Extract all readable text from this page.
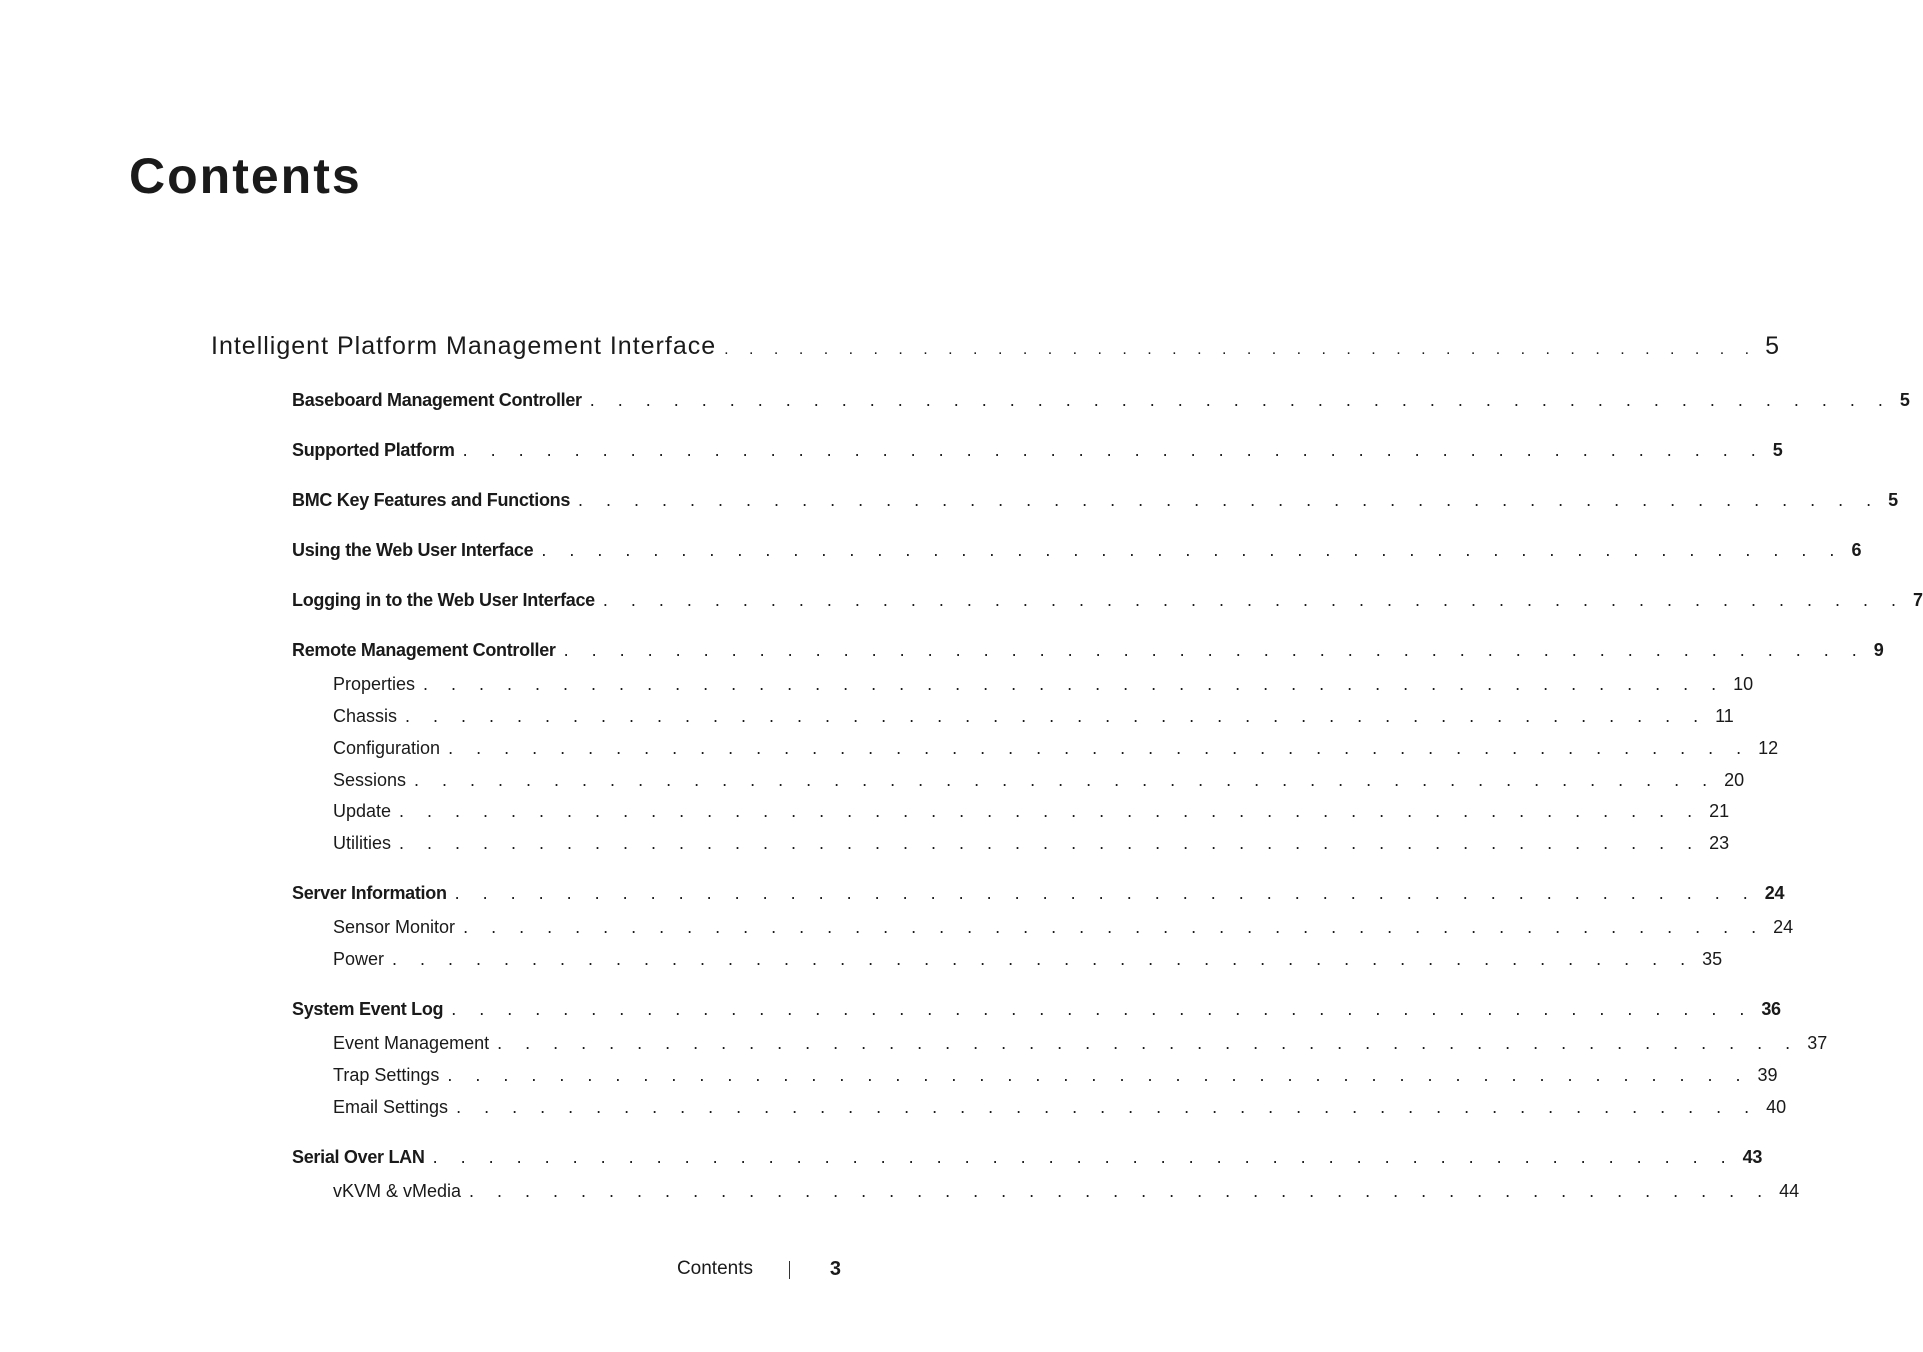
Contents
Intelligent Platform Management Interface . . . . . . . . . . . . . . . . . . . . . . . . . . . . . . . . . . . . . . . . . . 5
Baseboard Management Controller . . . . . . . . . . . . . . . . . . . . . . . . . . . . . . . . . . . . . . . . . . . . . . . 5
Supported Platform . . . . . . . . . . . . . . . . . . . . . . . . . . . . . . . . . . . . . . . . . . . . . . . 5
BMC Key Features and Functions . . . . . . . . . . . . . . . . . . . . . . . . . . . . . . . . . . . . . . . . . . . . . . . 5
Using the Web User Interface . . . . . . . . . . . . . . . . . . . . . . . . . . . . . . . . . . . . . . . . . . . . . . . 6
Logging in to the Web User Interface . . . . . . . . . . . . . . . . . . . . . . . . . . . . . . . . . . . . . . . . . . . . . . . 7
Remote Management Controller . . . . . . . . . . . . . . . . . . . . . . . . . . . . . . . . . . . . . . . . . . . . . . . 9
Properties . . . . . . . . . . . . . . . . . . . . . . . . . . . . . . . . . . . . . . . . . . . . . . . 10
Chassis . . . . . . . . . . . . . . . . . . . . . . . . . . . . . . . . . . . . . . . . . . . . . . . 11
Configuration . . . . . . . . . . . . . . . . . . . . . . . . . . . . . . . . . . . . . . . . . . . . . . . 12
Sessions . . . . . . . . . . . . . . . . . . . . . . . . . . . . . . . . . . . . . . . . . . . . . . . 20
Update . . . . . . . . . . . . . . . . . . . . . . . . . . . . . . . . . . . . . . . . . . . . . . . 21
Utilities . . . . . . . . . . . . . . . . . . . . . . . . . . . . . . . . . . . . . . . . . . . . . . . 23
Server Information . . . . . . . . . . . . . . . . . . . . . . . . . . . . . . . . . . . . . . . . . . . . . . . 24
Sensor Monitor . . . . . . . . . . . . . . . . . . . . . . . . . . . . . . . . . . . . . . . . . . . . . . . 24
Power . . . . . . . . . . . . . . . . . . . . . . . . . . . . . . . . . . . . . . . . . . . . . . . 35
System Event Log . . . . . . . . . . . . . . . . . . . . . . . . . . . . . . . . . . . . . . . . . . . . . . . 36
Event Management . . . . . . . . . . . . . . . . . . . . . . . . . . . . . . . . . . . . . . . . . . . . . . . 37
Trap Settings . . . . . . . . . . . . . . . . . . . . . . . . . . . . . . . . . . . . . . . . . . . . . . . 39
Email Settings . . . . . . . . . . . . . . . . . . . . . . . . . . . . . . . . . . . . . . . . . . . . . . . 40
Serial Over LAN . . . . . . . . . . . . . . . . . . . . . . . . . . . . . . . . . . . . . . . . . . . . . . . 43
vKVM & vMedia . . . . . . . . . . . . . . . . . . . . . . . . . . . . . . . . . . . . . . . . . . . . . . . 44
Contents	3
